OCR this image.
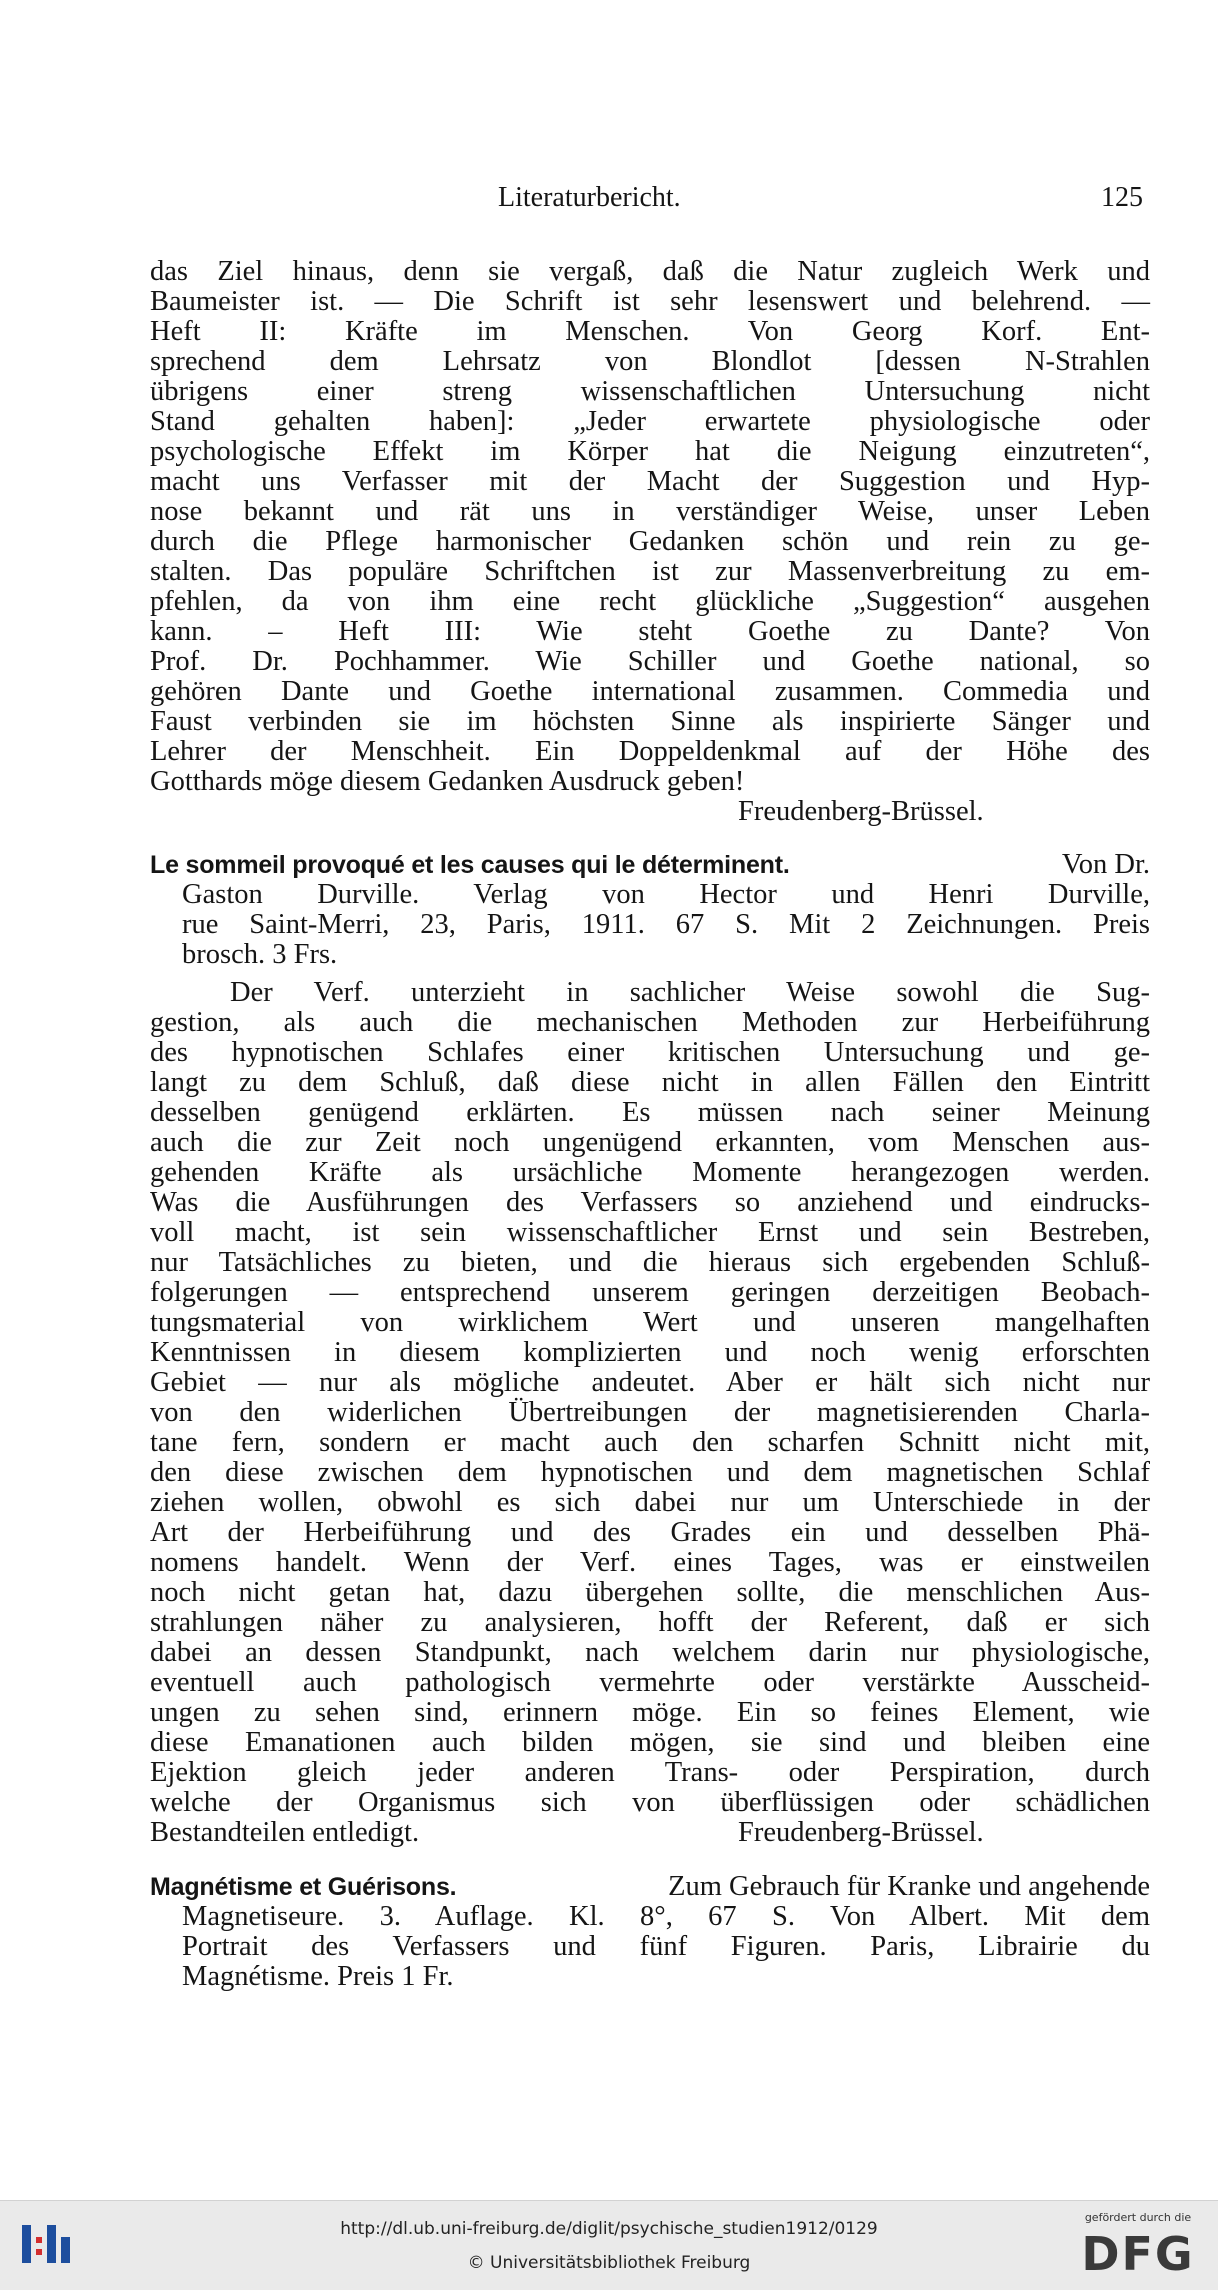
Literaturbericht.	125
das Ziel hinaus, denn sie vergaß, daß die Natur zugleich Werk und
Baumeister ist. — Die Schrift ist sehr lesenswert und belehrend. —
Heft II: Kräfte im Menschen. Von Georg Korf. Ent-
sprechend dem Lehrsatz von Blondlot [dessen N-Strahlen
übrigens einer streng wissenschaftlichen Untersuchung nicht
Stand gehalten haben]: „Jeder erwartete physiologische oder
psychologische Effekt im Körper hat die Neigung einzutreten“,
macht uns Verfasser mit der Macht der Suggestion und Hyp-
nose bekannt und rät uns in verständiger Weise, unser Leben
durch die Pflege harmonischer Gedanken schön und rein zu ge-
stalten. Das populäre Schriftchen ist zur Massenverbreitung zu em-
pfehlen, da von ihm eine recht glückliche „Suggestion“ ausgehen
kann. – Heft III: Wie steht Goethe zu Dante? Von
Prof. Dr. Pochhammer. Wie Schiller und Goethe national, so
gehören Dante und Goethe international zusammen. Commedia und
Faust verbinden sie im höchsten Sinne als inspirierte Sänger und
Lehrer der Menschheit. Ein Doppeldenkmal auf der Höhe des
Gotthards möge diesem Gedanken Ausdruck geben!
Freudenberg-Brüssel.
Le sommeil provoqué et les causes qui le déterminent.	Von Dr.
Gaston Durville. Verlag von Hector und Henri Durville,
rue Saint-Merri, 23, Paris, 1911. 67 S. Mit 2 Zeichnungen. Preis
brosch. 3 Frs.
Der Verf. unterzieht in sachlicher Weise sowohl die Sug-
gestion, als auch die mechanischen Methoden zur Herbeiführung
des hypnotischen Schlafes einer kritischen Untersuchung und ge-
langt zu dem Schluß, daß diese nicht in allen Fällen den Eintritt
desselben genügend erklärten. Es müssen nach seiner Meinung
auch die zur Zeit noch ungenügend erkannten, vom Menschen aus-
gehenden Kräfte als ursächliche Momente herangezogen werden.
Was die Ausführungen des Verfassers so anziehend und eindrucks-
voll macht, ist sein wissenschaftlicher Ernst und sein Bestreben,
nur Tatsächliches zu bieten, und die hieraus sich ergebenden Schluß-
folgerungen — entsprechend unserem geringen derzeitigen Beobach-
tungsmaterial von wirklichem Wert und unseren mangelhaften
Kenntnissen in diesem komplizierten und noch wenig erforschten
Gebiet — nur als mögliche andeutet. Aber er hält sich nicht nur
von den widerlichen Übertreibungen der magnetisierenden Charla-
tane fern, sondern er macht auch den scharfen Schnitt nicht mit,
den diese zwischen dem hypnotischen und dem magnetischen Schlaf
ziehen wollen, obwohl es sich dabei nur um Unterschiede in der
Art der Herbeiführung und des Grades ein und desselben Phä-
nomens handelt. Wenn der Verf. eines Tages, was er einstweilen
noch nicht getan hat, dazu übergehen sollte, die menschlichen Aus-
strahlungen näher zu analysieren, hofft der Referent, daß er sich
dabei an dessen Standpunkt, nach welchem darin nur physiologische,
eventuell auch pathologisch vermehrte oder verstärkte Ausscheid-
ungen zu sehen sind, erinnern möge. Ein so feines Element, wie
diese Emanationen auch bilden mögen, sie sind und bleiben eine
Ejektion gleich jeder anderen Trans- oder Perspiration, durch
welche der Organismus sich von überflüssigen oder schädlichen
Bestandteilen entledigt.	Freudenberg-Brüssel.
Magnétisme et Guérisons.	Zum Gebrauch für Kranke und angehende
Magnetiseure. 3. Auflage. Kl. 8°, 67 S. Von Albert. Mit dem
Portrait des Verfassers und fünf Figuren. Paris, Librairie du
Magnétisme. Preis 1 Fr.
http://dl.ub.uni-freiburg.de/diglit/psychische_studien1912/0129
© Universitätsbibliothek Freiburg
gefördert durch die
DFG
